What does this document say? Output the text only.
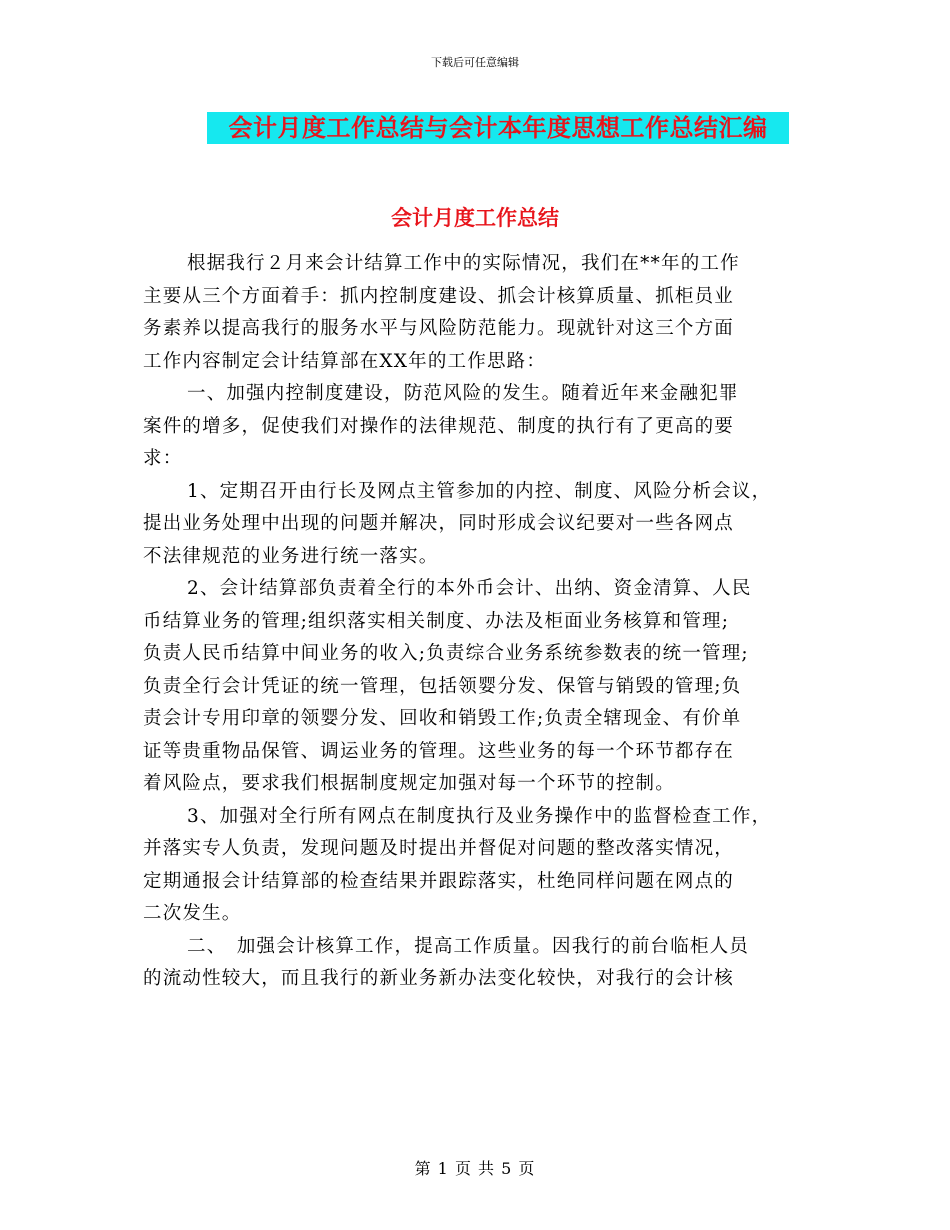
下载后可任意编辑
会计月度工作总结与会计本年度思想工作总结汇编
会计月度工作总结
根据我行２月来会计结算工作中的实际情况，我们在**年的工作
主要从三个方面着手：抓内控制度建设、抓会计核算质量、抓柜员业
务素养以提高我行的服务水平与风险防范能力。现就针对这三个方面
工作内容制定会计结算部在XX年的工作思路：
一、加强内控制度建设，防范风险的发生。随着近年来金融犯罪
案件的增多，促使我们对操作的法律规范、制度的执行有了更高的要
求：
1、定期召开由行长及网点主管参加的内控、制度、风险分析会议，
提出业务处理中出现的问题并解决，同时形成会议纪要对一些各网点
不法律规范的业务进行统一落实。
2、会计结算部负责着全行的本外币会计、出纳、资金清算、人民
币结算业务的管理;组织落实相关制度、办法及柜面业务核算和管理;
负责人民币结算中间业务的收入;负责综合业务系统参数表的统一管理;
负责全行会计凭证的统一管理，包括领婴分发、保管与销毁的管理;负
责会计专用印章的领婴分发、回收和销毁工作;负责全辖现金、有价单
证等贵重物品保管、调运业务的管理。这些业务的每一个环节都存在
着风险点，要求我们根据制度规定加强对每一个环节的控制。
3、加强对全行所有网点在制度执行及业务操作中的监督检查工作，
并落实专人负责，发现问题及时提出并督促对问题的整改落实情况，
定期通报会计结算部的检查结果并跟踪落实，杜绝同样问题在网点的
二次发生。
二、　加强会计核算工作，提高工作质量。因我行的前台临柜人员
的流动性较大，而且我行的新业务新办法变化较快，对我行的会计核
第 1 页 共 5 页
